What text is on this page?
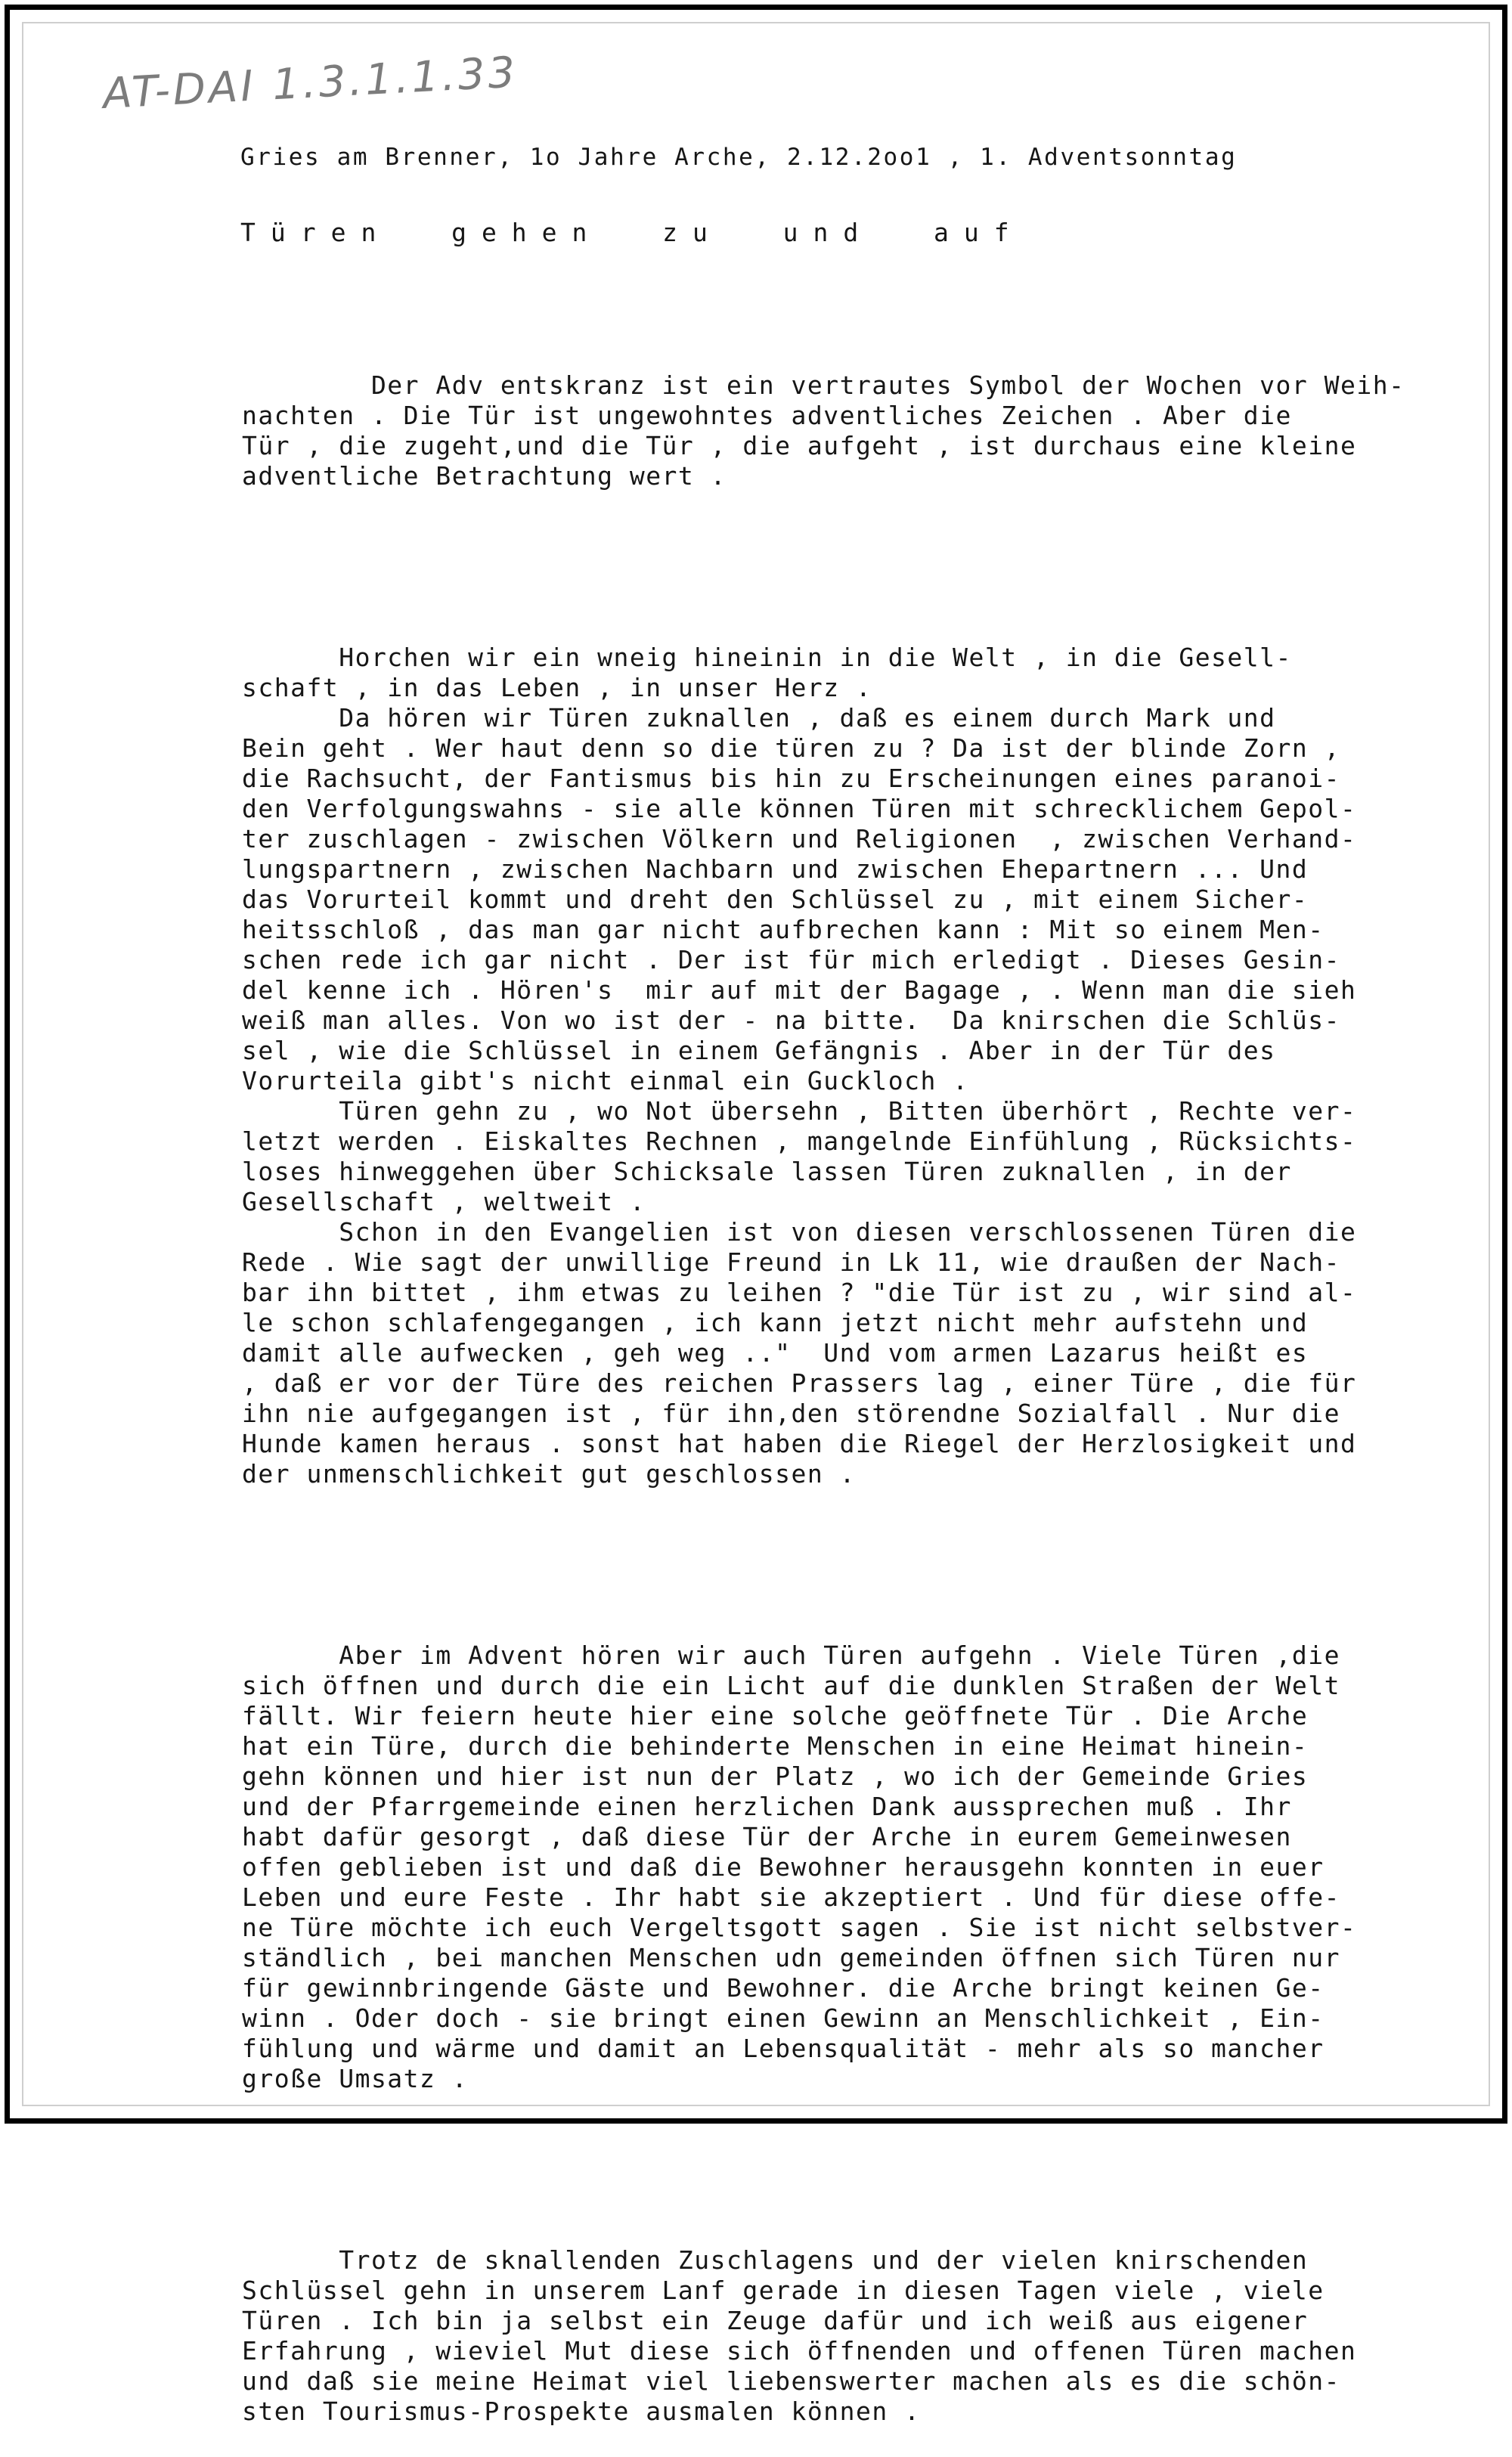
AT-DAI 1.3.1.1.33
Gries am Brenner, 1o Jahre Arche, 2.12.2oo1 , 1. Adventsonntag
Türen  gehen  zu  und  auf

Der Adv entskranz ist ein vertrautes Symbol der Wochen vor Weih-
nachten . Die Tür ist ungewohntes adventliches Zeichen . Aber die
Tür , die zugeht,und die Tür , die aufgeht , ist durchaus eine kleine
adventliche Betrachtung wert .

Horchen wir ein wneig hineinin in die Welt , in die Gesell-
schaft , in das Leben , in unser Herz .
Da hören wir Türen zuknallen , daß es einem durch Mark und
Bein geht . Wer haut denn so die türen zu ? Da ist der blinde Zorn ,
die Rachsucht, der Fantismus bis hin zu Erscheinungen eines paranoi-
den Verfolgungswahns - sie alle können Türen mit schrecklichem Gepol-
ter zuschlagen - zwischen Völkern und Religionen  , zwischen Verhand-
lungspartnern , zwischen Nachbarn und zwischen Ehepartnern ... Und
das Vorurteil kommt und dreht den Schlüssel zu , mit einem Sicher-
heitsschloß , das man gar nicht aufbrechen kann : Mit so einem Men-
schen rede ich gar nicht . Der ist für mich erledigt . Dieses Gesin-
del kenne ich . Hören's  mir auf mit der Bagage , . Wenn man die sieh
weiß man alles. Von wo ist der - na bitte.  Da knirschen die Schlüs-
sel , wie die Schlüssel in einem Gefängnis . Aber in der Tür des
Vorurteila gibt's nicht einmal ein Guckloch .
Türen gehn zu , wo Not übersehn , Bitten überhört , Rechte ver-
letzt werden . Eiskaltes Rechnen , mangelnde Einfühlung , Rücksichts-
loses hinweggehen über Schicksale lassen Türen zuknallen , in der
Gesellschaft , weltweit .
Schon in den Evangelien ist von diesen verschlossenen Türen die
Rede . Wie sagt der unwillige Freund in Lk 11, wie draußen der Nach-
bar ihn bittet , ihm etwas zu leihen ? "die Tür ist zu , wir sind al-
le schon schlafengegangen , ich kann jetzt nicht mehr aufstehn und
damit alle aufwecken , geh weg .."  Und vom armen Lazarus heißt es
, daß er vor der Türe des reichen Prassers lag , einer Türe , die für
ihn nie aufgegangen ist , für ihn,den störendne Sozialfall . Nur die
Hunde kamen heraus . sonst hat haben die Riegel der Herzlosigkeit und
der unmenschlichkeit gut geschlossen .

Aber im Advent hören wir auch Türen aufgehn . Viele Türen ,die
sich öffnen und durch die ein Licht auf die dunklen Straßen der Welt
fällt. Wir feiern heute hier eine solche geöffnete Tür . Die Arche
hat ein Türe, durch die behinderte Menschen in eine Heimat hinein-
gehn können und hier ist nun der Platz , wo ich der Gemeinde Gries
und der Pfarrgemeinde einen herzlichen Dank aussprechen muß . Ihr
habt dafür gesorgt , daß diese Tür der Arche in eurem Gemeinwesen
offen geblieben ist und daß die Bewohner herausgehn konnten in euer
Leben und eure Feste . Ihr habt sie akzeptiert . Und für diese offe-
ne Türe möchte ich euch Vergeltsgott sagen . Sie ist nicht selbstver-
ständlich , bei manchen Menschen udn gemeinden öffnen sich Türen nur
für gewinnbringende Gäste und Bewohner. die Arche bringt keinen Ge-
winn . Oder doch - sie bringt einen Gewinn an Menschlichkeit , Ein-
fühlung und wärme und damit an Lebensqualität - mehr als so mancher
große Umsatz .

Trotz de sknallenden Zuschlagens und der vielen knirschenden
Schlüssel gehn in unserem Lanf gerade in diesen Tagen viele , viele
Türen . Ich bin ja selbst ein Zeuge dafür und ich weiß aus eigener
Erfahrung , wieviel Mut diese sich öffnenden und offenen Türen machen
und daß sie meine Heimat viel liebenswerter machen als es die schön-
sten Tourismus-Prospekte ausmalen können .
